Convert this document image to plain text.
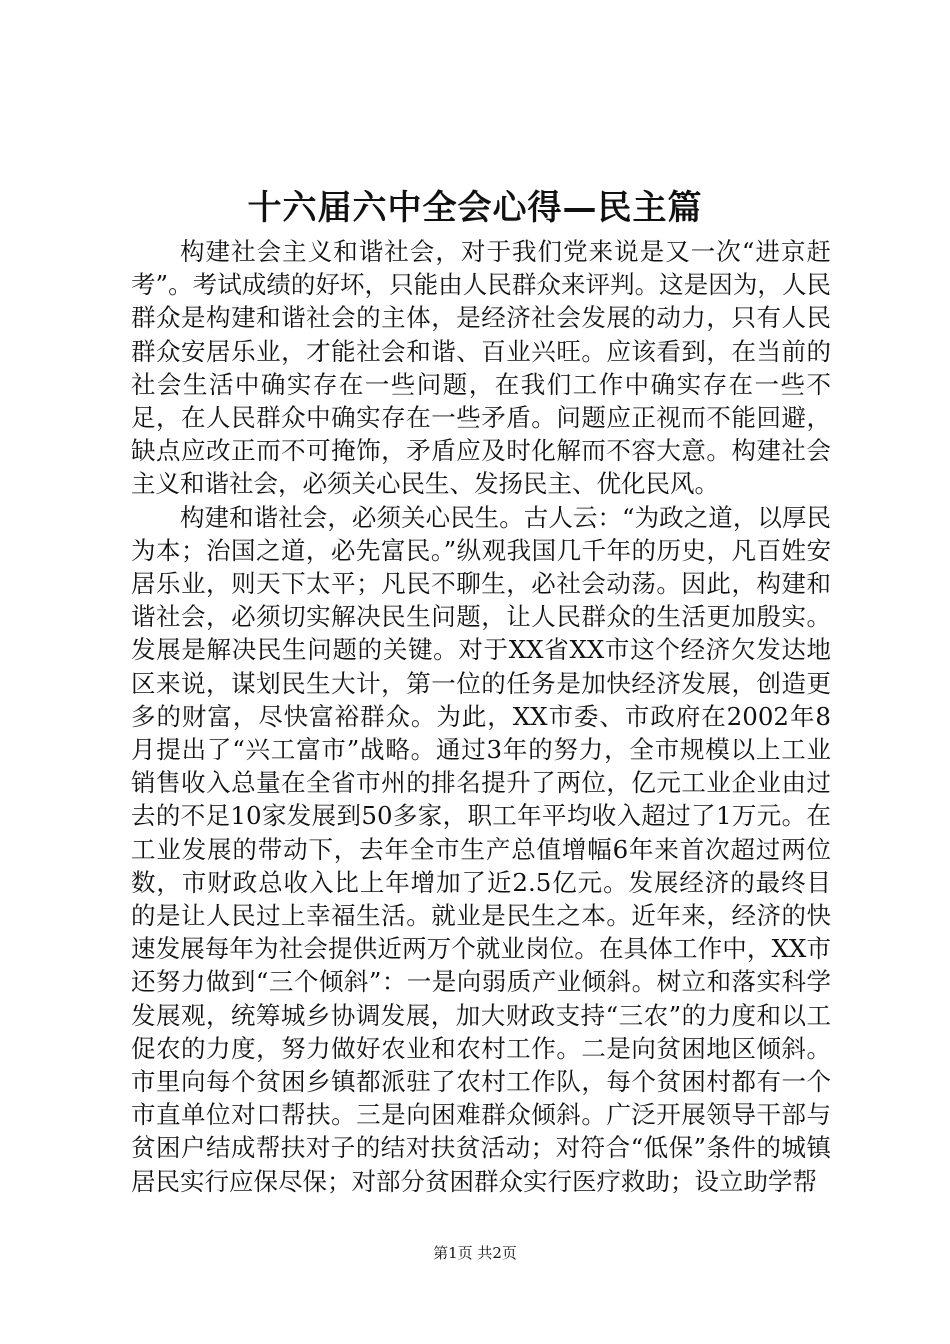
十六届六中全会心得—民主篇

构建社会主义和谐社会，对于我们党来说是又一次“进京赶考”。考试成绩的好坏，只能由人民群众来评判。这是因为，人民群众是构建和谐社会的主体，是经济社会发展的动力，只有人民群众安居乐业，才能社会和谐、百业兴旺。应该看到，在当前的社会生活中确实存在一些问题，在我们工作中确实存在一些不足，在人民群众中确实存在一些矛盾。问题应正视而不能回避，缺点应改正而不可掩饰，矛盾应及时化解而不容大意。构建社会主义和谐社会，必须关心民生、发扬民主、优化民风。

构建和谐社会，必须关心民生。古人云：“为政之道，以厚民为本；治国之道，必先富民。”纵观我国几千年的历史，凡百姓安居乐业，则天下太平；凡民不聊生，必社会动荡。因此，构建和谐社会，必须切实解决民生问题，让人民群众的生活更加殷实。发展是解决民生问题的关键。对于XX省XX市这个经济欠发达地区来说，谋划民生大计，第一位的任务是加快经济发展，创造更多的财富，尽快富裕群众。为此，XX市委、市政府在2002年8月提出了“兴工富市”战略。通过3年的努力，全市规模以上工业销售收入总量在全省市州的排名提升了两位，亿元工业企业由过去的不足10家发展到50多家，职工年平均收入超过了1万元。在工业发展的带动下，去年全市生产总值增幅6年来首次超过两位数，市财政总收入比上年增加了近2.5亿元。发展经济的最终目的是让人民过上幸福生活。就业是民生之本。近年来，经济的快速发展每年为社会提供近两万个就业岗位。在具体工作中，XX市还努力做到“三个倾斜”：一是向弱质产业倾斜。树立和落实科学发展观，统筹城乡协调发展，加大财政支持“三农”的力度和以工促农的力度，努力做好农业和农村工作。二是向贫困地区倾斜。市里向每个贫困乡镇都派驻了农村工作队，每个贫困村都有一个市直单位对口帮扶。三是向困难群众倾斜。广泛开展领导干部与贫困户结成帮扶对子的结对扶贫活动；对符合“低保”条件的城镇居民实行应保尽保；对部分贫困群众实行医疗救助；设立助学帮

第1页 共2页
